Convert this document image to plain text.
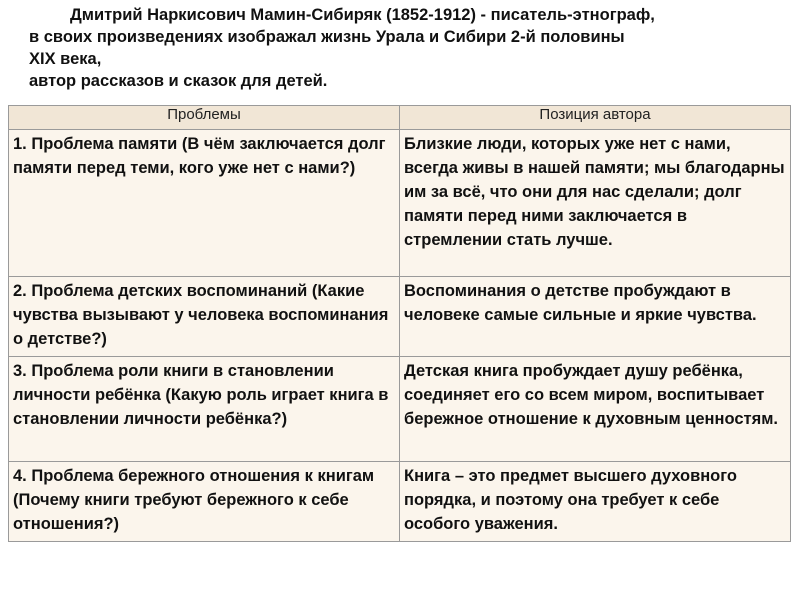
Дмитрий Наркисович Мамин-Сибиряк (1852-1912) - писатель-этнограф,
в своих произведениях изображал жизнь Урала и Сибири 2-й половины
XIX века,
автор рассказов и сказок для детей.
Проблемы	Позиция автора
1. Проблема памяти (В чём заключается долг памяти перед теми, кого уже нет с нами?)	Близкие люди, которых уже нет с нами, всегда живы в нашей памяти; мы благодарны им за всё, что они для нас сделали; долг памяти перед ними заключается в стремлении стать лучше.
2. Проблема детских воспоминаний (Какие чувства вызывают у человека воспоминания о детстве?)	Воспоминания о детстве пробуждают в человеке самые сильные и яркие чувства.
3. Проблема роли книги в становлении личности ребёнка (Какую роль играет книга в становлении личности ребёнка?)	Детская книга пробуждает душу ребёнка, соединяет его со всем миром, воспитывает бережное отношение к духовным ценностям.
4. Проблема бережного отношения к книгам (Почему книги требуют бережного к себе отношения?)	Книга – это предмет высшего духовного порядка, и поэтому она требует к себе особого уважения.
